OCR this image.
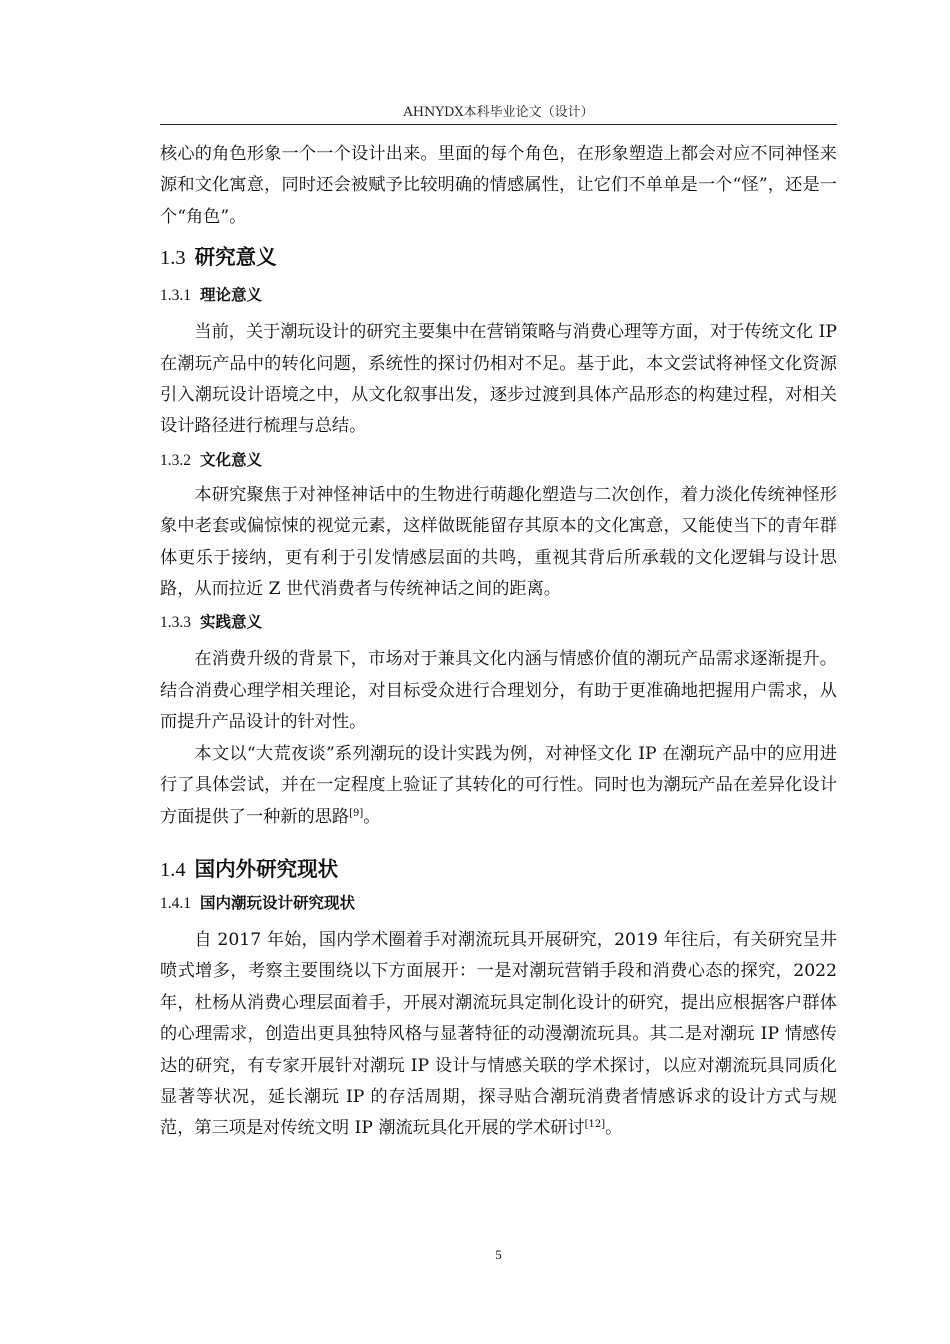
AHNYDX本科毕业论文（设计）

核心的角色形象一个一个设计出来。里面的每个角色，在形象塑造上都会对应不同神怪来源和文化寓意，同时还会被赋予比较明确的情感属性，让它们不单单是一个“怪”，还是一个“角色”。

1.3 研究意义
1.3.1 理论意义

当前，关于潮玩设计的研究主要集中在营销策略与消费心理等方面，对于传统文化 IP 在潮玩产品中的转化问题，系统性的探讨仍相对不足。基于此，本文尝试将神怪文化资源引入潮玩设计语境之中，从文化叙事出发，逐步过渡到具体产品形态的构建过程，对相关设计路径进行梳理与总结。

1.3.2 文化意义

本研究聚焦于对神怪神话中的生物进行萌趣化塑造与二次创作，着力淡化传统神怪形象中老套或偏惊悚的视觉元素，这样做既能留存其原本的文化寓意，又能使当下的青年群体更乐于接纳，更有利于引发情感层面的共鸣，重视其背后所承载的文化逻辑与设计思路，从而拉近 Z 世代消费者与传统神话之间的距离。

1.3.3 实践意义

在消费升级的背景下，市场对于兼具文化内涵与情感价值的潮玩产品需求逐渐提升。结合消费心理学相关理论，对目标受众进行合理划分，有助于更准确地把握用户需求，从而提升产品设计的针对性。

本文以“大荒夜谈”系列潮玩的设计实践为例，对神怪文化 IP 在潮玩产品中的应用进行了具体尝试，并在一定程度上验证了其转化的可行性。同时也为潮玩产品在差异化设计方面提供了一种新的思路[9]。

1.4 国内外研究现状
1.4.1 国内潮玩设计研究现状

自 2017 年始，国内学术圈着手对潮流玩具开展研究，2019 年往后，有关研究呈井喷式增多，考察主要围绕以下方面展开：一是对潮玩营销手段和消费心态的探究，2022 年，杜杨从消费心理层面着手，开展对潮流玩具定制化设计的研究，提出应根据客户群体的心理需求，创造出更具独特风格与显著特征的动漫潮流玩具。其二是对潮玩 IP 情感传达的研究，有专家开展针对潮玩 IP 设计与情感关联的学术探讨，以应对潮流玩具同质化显著等状况，延长潮玩 IP 的存活周期，探寻贴合潮玩消费者情感诉求的设计方式与规范，第三项是对传统文明 IP 潮流玩具化开展的学术研讨[12]。

5
